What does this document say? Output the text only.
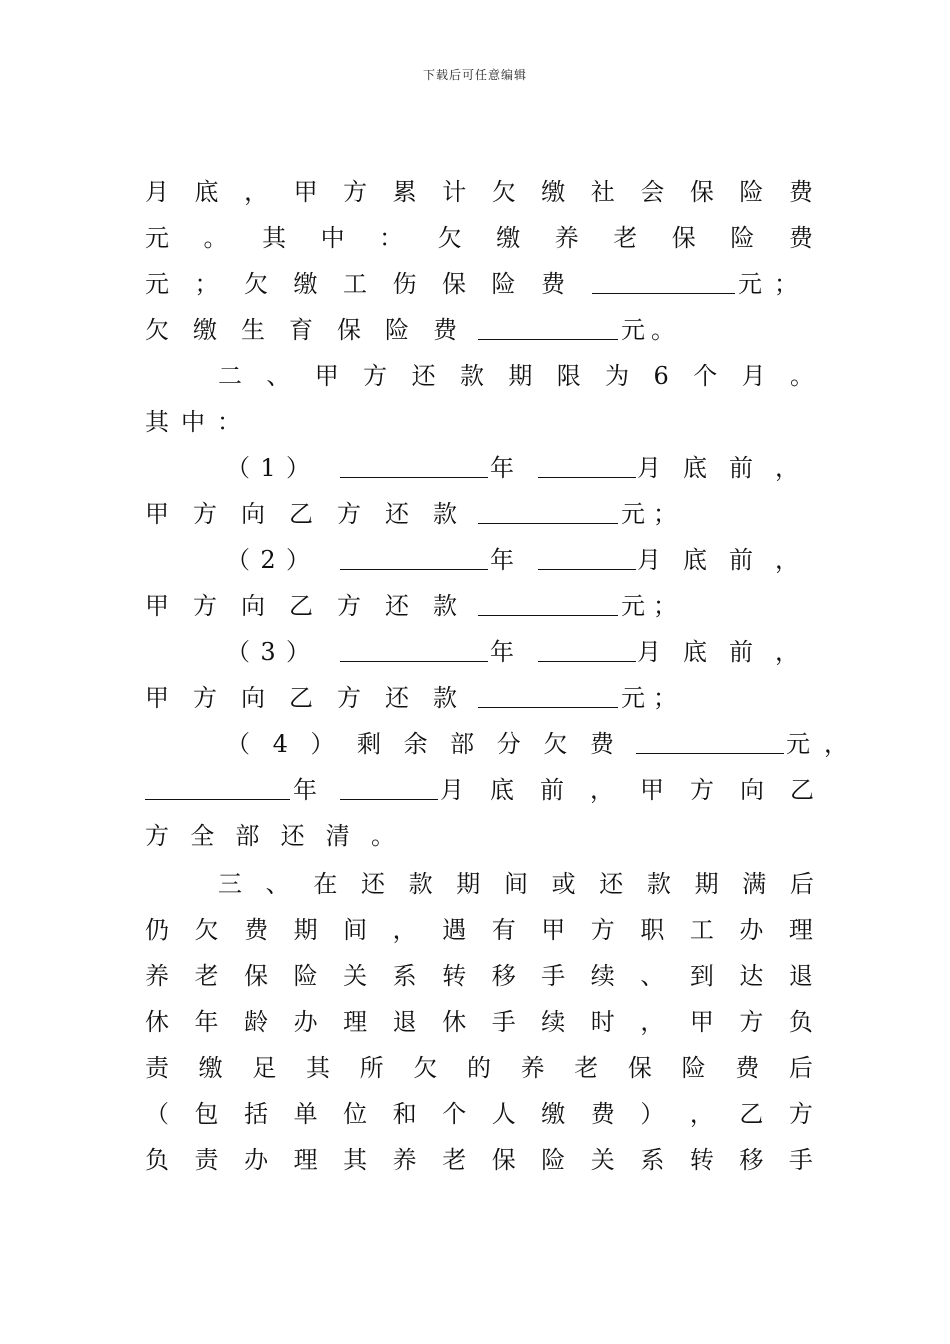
下载后可任意编辑
月 底 ， 甲 方 累 计 欠 缴 社 会 保 险 费
元 。 其 中 ： 欠 缴 养 老 保 险 费
元 ； 欠 缴 工 伤 保 险 费	元 ；
欠 缴 生 育 保 险 费	元 。
二 、 甲 方 还 款 期 限 为 6 个 月 。
其 中 ：
（ 1 ）	年	月 底 前 ，
甲 方 向 乙 方 还 款	元 ；
（ 2 ）	年	月 底 前 ，
甲 方 向 乙 方 还 款	元 ；
（ 3 ）	年	月 底 前 ，
甲 方 向 乙 方 还 款	元 ；
（ 4 ） 剩 余 部 分 欠 费	元 ，
年	月 底 前 ， 甲 方 向 乙
方 全 部 还 清 。
三 、 在 还 款 期 间 或 还 款 期 满 后
仍 欠 费 期 间 ， 遇 有 甲 方 职 工 办 理
养 老 保 险 关 系 转 移 手 续 、 到 达 退
休 年 龄 办 理 退 休 手 续 时 ， 甲 方 负
责 缴 足 其 所 欠 的 养 老 保 险 费 后
（ 包 括 单 位 和 个 人 缴 费 ） ， 乙 方
负 责 办 理 其 养 老 保 险 关 系 转 移 手
